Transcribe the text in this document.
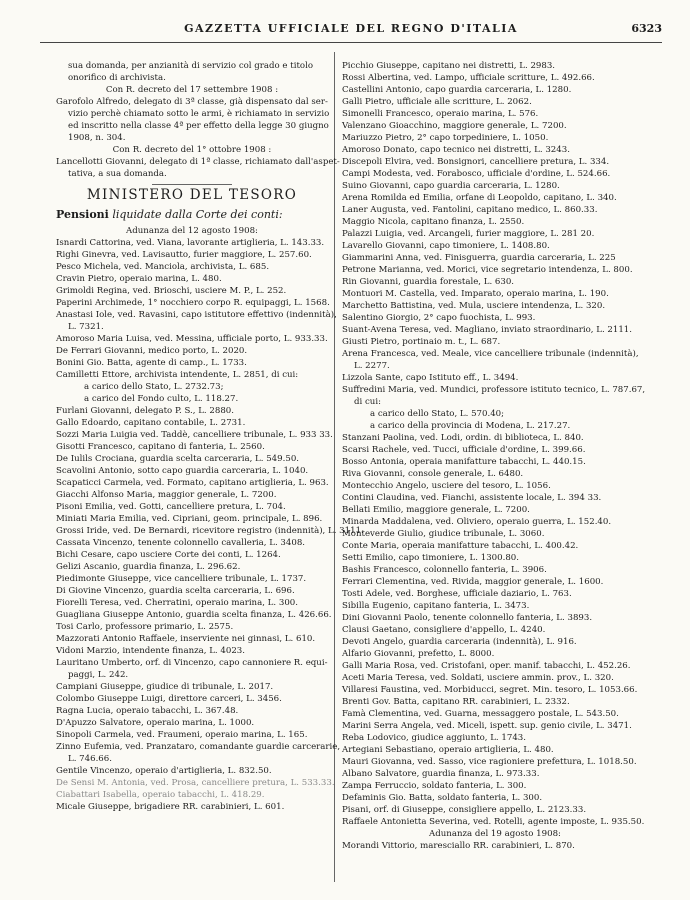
GAZZETTA UFFICIALE DEL REGNO D'ITALIA	6323
sua domanda, per anzianità di servizio col grado e titolo
onorifico di archivista.
Con R. decreto del 17 settembre 1908 :
Garofolo Alfredo, delegato di 3ª classe, già dispensato dal ser-
vizio perchè chiamato sotto le armi, è richiamato in servizio
ed inscritto nella classe 4ª per effetto della legge 30 giugno
1908, n. 304.
Con R. decreto del 1° ottobre 1908 :
Lancellotti Giovanni, delegato di 1ª classe, richiamato dall'aspet-
tativa, a sua domanda.
MINISTERO DEL TESORO
Pensioni liquidate dalla Corte dei conti:
Adunanza del 12 agosto 1908:
Isnardi Cattorina, ved. Viana, lavorante artiglieria, L. 143.33.
Righi Ginevra, ved. Lavisautto, furier maggiore, L. 257.60.
Pesco Michela, ved. Manciola, archivista, L. 685.
Cravin Pietro, operaio marina, L. 480.
Grimoldi Regina, ved. Brioschi, usciere M. P., L. 252.
Paperini Archimede, 1° nocchiero corpo R. equipaggi, L. 1568.
Anastasi Iole, ved. Ravasini, capo istitutore effettivo (indennità),
L. 7321.
Amoroso Maria Luisa, ved. Messina, ufficiale porto, L. 933.33.
De Ferrari Giovanni, medico porto, L. 2020.
Bonini Gio. Batta, agente di camp., L. 1733.
Camilletti Ettore, archivista intendente, L. 2851, di cui:
a carico dello Stato, L. 2732.73;
a carico del Fondo culto, L. 118.27.
Furlani Giovanni, delegato P. S., L. 2880.
Gallo Edoardo, capitano contabile, L. 2731.
Sozzi Maria Luigia ved. Taddè, cancelliere tribunale, L. 933 33.
Gisotti Francesco, capitano di fanteria, L. 2560.
De Iulils Crociana, guardia scelta carceraria, L. 549.50.
Scavolini Antonio, sotto capo guardia carceraria, L. 1040.
Scapaticci Carmela, ved. Formato, capitano artiglieria, L. 963.
Giacchi Alfonso Maria, maggior generale, L. 7200.
Pisoni Emilia, ved. Gotti, cancelliere pretura, L. 704.
Miniati Maria Emilia, ved. Cipriani, geom. principale, L. 896.
Grossi Iride, ved. De Bernardi, ricevitore registro (indennità), L. 3111.
Cassata Vincenzo, tenente colonnello cavalleria, L. 3408.
Bichi Cesare, capo usciere Corte dei conti, L. 1264.
Gelizi Ascanio, guardia finanza, L. 296.62.
Piedimonte Giuseppe, vice cancelliere tribunale, L. 1737.
Di Giovine Vincenzo, guardia scelta carceraria, L. 696.
Fiorelli Teresa, ved. Cherratini, operaio marina, L. 300.
Guagliana Giuseppe Antonio, guardia scelta finanza, L. 426.66.
Tosi Carlo, professore primario, L. 2575.
Mazzorati Antonio Raffaele, inserviente nei ginnasi, L. 610.
Vidoni Marzio, intendente finanza, L. 4023.
Lauritano Umberto, orf. di Vincenzo, capo cannoniere R. equi-
paggi, L. 242.
Campiani Giuseppe, giudice di tribunale, L. 2017.
Colombo Giuseppe Luigi, direttore carceri, L. 3456.
Ragna Lucia, operaio tabacchi, L. 367.48.
D'Apuzzo Salvatore, operaio marina, L. 1000.
Sinopoli Carmela, ved. Fraumeni, operaio marina, L. 165.
Zinno Eufemia, ved. Pranzataro, comandante guardie carcerarie,
L. 746.66.
Gentile Vincenzo, operaio d'artiglieria, L. 832.50.
De Sensi M. Antonia, ved. Prosa, cancelliere pretura, L. 533.33.
Ciabattari Isabella, operaio tabacchi, L. 418.29.
Micale Giuseppe, brigadiere RR. carabinieri, L. 601.
Picchio Giuseppe, capitano nei distretti, L. 2983.
Rossi Albertina, ved. Lampo, ufficiale scritture, L. 492.66.
Castellini Antonio, capo guardia carceraria, L. 1280.
Galli Pietro, ufficiale alle scritture, L. 2062.
Simonelli Francesco, operaio marina, L. 576.
Valenzano Gioacchino, maggiore generale, L. 7200.
Mariuzzo Pietro, 2° capo torpediniere, L. 1050.
Amoroso Donato, capo tecnico nei distretti, L. 3243.
Discepoli Elvira, ved. Bonsignori, cancelliere pretura, L. 334.
Campi Modesta, ved. Forabosco, ufficiale d'ordine, L. 524.66.
Suino Giovanni, capo guardia carceraria, L. 1280.
Arena Romilda ed Emilia, orfane di Leopoldo, capitano, L. 340.
Laner Augusta, ved. Fantolini, capitano medico, L. 860.33.
Maggio Nicola, capitano finanza, L. 2550.
Palazzi Luigia, ved. Arcangeli, furier maggiore, L. 281 20.
Lavarello Giovanni, capo timoniere, L. 1408.80.
Giammarini Anna, ved. Finisguerra, guardia carceraria, L. 225
Petrone Marianna, ved. Morici, vice segretario intendenza, L. 800.
Rin Giovanni, guardia forestale, L. 630.
Montuori M. Castella, ved. Imparato, operaio marina, L. 190.
Marchetto Battistina, ved. Mula, usciere intendenza, L. 320.
Salentino Giorgio, 2° capo fuochista, L. 993.
Suant-Avena Teresa, ved. Magliano, inviato straordinario, L. 2111.
Giusti Pietro, portinaio m. t., L. 687.
Arena Francesca, ved. Meale, vice cancelliere tribunale (indennità),
L. 2277.
Lizzola Sante, capo Istituto eff., L. 3494.
Suffredini Maria, ved. Mundici, professore istituto tecnico, L. 787.67,
di cui:
a carico dello Stato, L. 570.40;
a carico della provincia di Modena, L. 217.27.
Stanzani Paolina, ved. Lodi, ordin. di biblioteca, L. 840.
Scarsi Rachele, ved. Tucci, ufficiale d'ordine, L. 399.66.
Bosso Antonia, operaia manifatture tabacchi, L. 440.15.
Riva Giovanni, console generale, L. 6480.
Montecchio Angelo, usciere del tesoro, L. 1056.
Contini Claudina, ved. Fianchi, assistente locale, L. 394 33.
Bellati Emilio, maggiore generale, L. 7200.
Minarda Maddalena, ved. Oliviero, operaio guerra, L. 152.40.
Monteverde Giulio, giudice tribunale, L. 3060.
Conte Maria, operaia manifatture tabacchi, L. 400.42.
Setti Emilio, capo timoniere, L. 1300.80.
Bashis Francesco, colonnello fanteria, L. 3906.
Ferrari Clementina, ved. Rivida, maggior generale, L. 1600.
Tosti Adele, ved. Borghese, ufficiale daziario, L. 763.
Sibilla Eugenio, capitano fanteria, L. 3473.
Dini Giovanni Paolo, tenente colonnello fanteria, L. 3893.
Clausi Gaetano, consigliere d'appello, L. 4240.
Devoti Angelo, guardia carceraria (indennità), L. 916.
Alfario Giovanni, prefetto, L. 8000.
Galli Maria Rosa, ved. Cristofani, oper. manif. tabacchi, L. 452.26.
Aceti Maria Teresa, ved. Soldati, usciere ammin. prov., L. 320.
Villaresi Faustina, ved. Morbiducci, segret. Min. tesoro, L. 1053.66.
Brenti Gov. Batta, capitano RR. carabinieri, L. 2332.
Famà Clementina, ved. Guarna, messaggero postale, L. 543.50.
Marini Serra Angela, ved. Miceli, ispett. sup. genio civile, L. 3471.
Reba Lodovico, giudice aggiunto, L. 1743.
Artegiani Sebastiano, operaio artiglieria, L. 480.
Mauri Giovanna, ved. Sasso, vice ragioniere prefettura, L. 1018.50.
Albano Salvatore, guardia finanza, L. 973.33.
Zampa Ferruccio, soldato fanteria, L. 300.
Defaminis Gio. Batta, soldato fanteria, L. 300.
Pisani, orf. di Giuseppe, consigliere appello, L. 2123.33.
Raffaele Antonietta Severina, ved. Rotelli, agente imposte, L. 935.50.
Adunanza del 19 agosto 1908:
Morandi Vittorio, maresciallo RR. carabinieri, L. 870.
